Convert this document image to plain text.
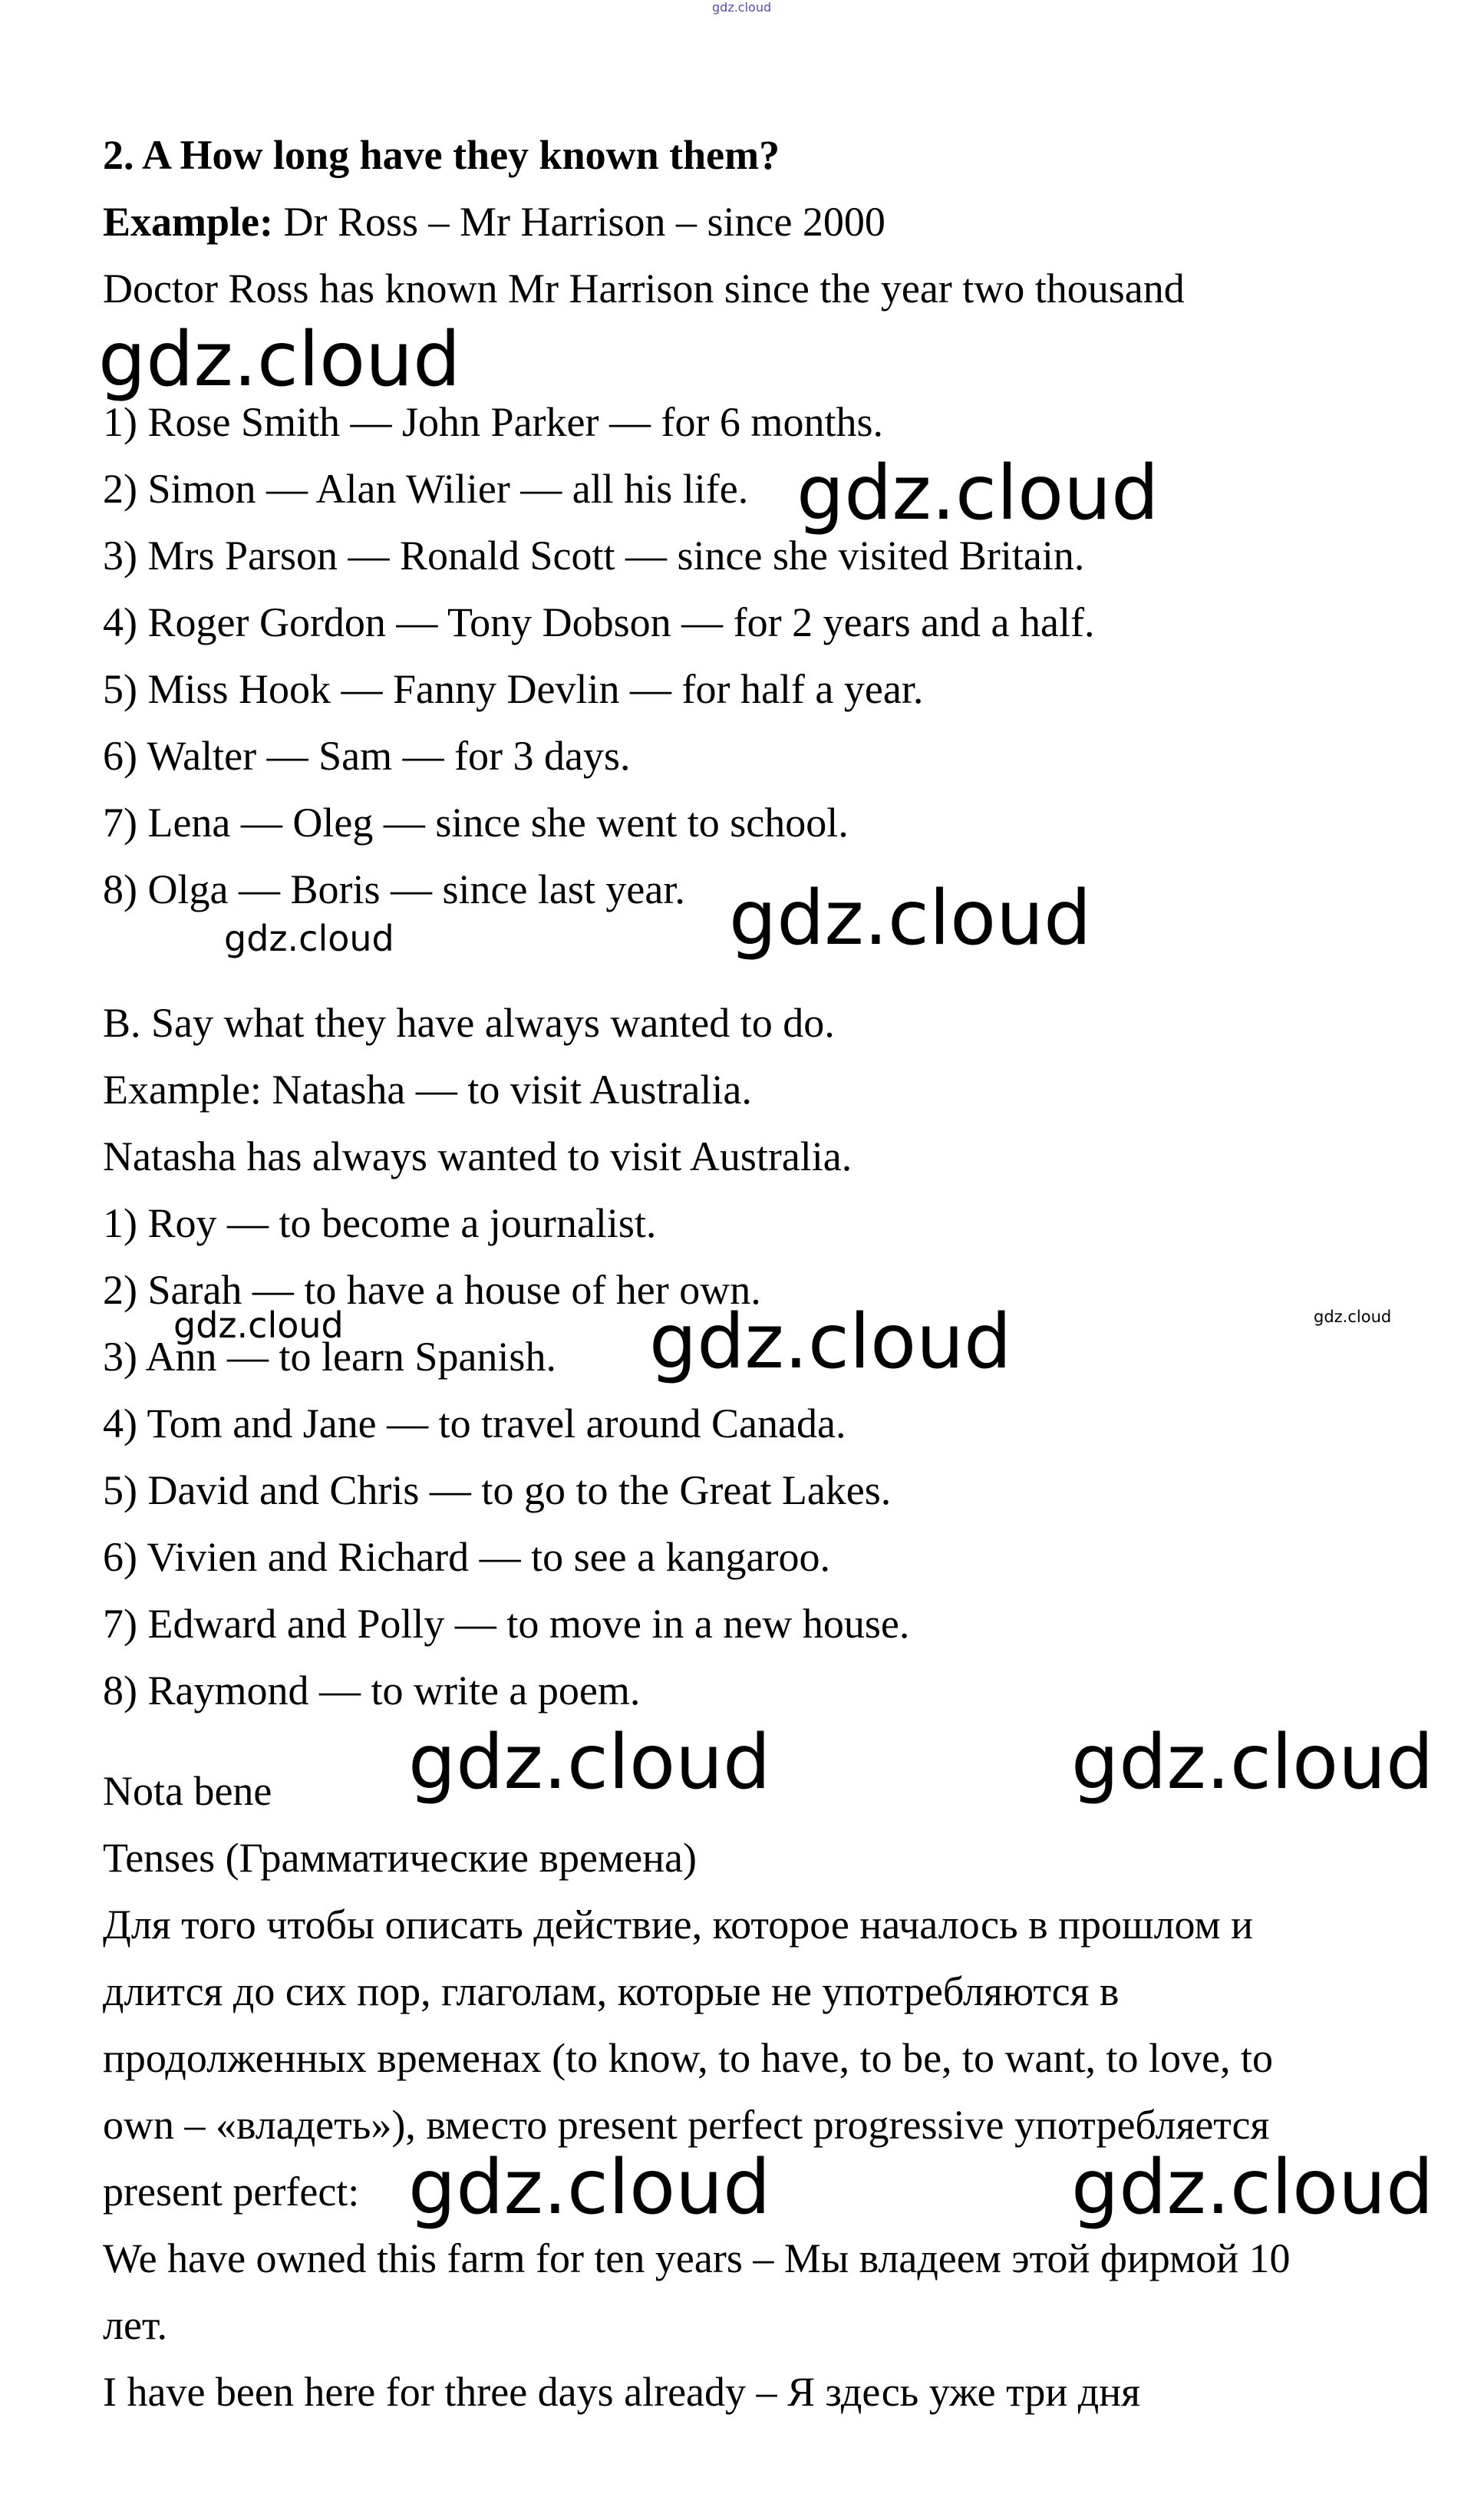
2. A How long have they known them?

Example: Dr Ross – Mr Harrison – since 2000

Doctor Ross has known Mr Harrison since the year two thousand

1) Rose Smith — John Parker — for 6 months.

2) Simon — Alan Wilier — all his life.

3) Mrs Parson — Ronald Scott — since she visited Britain.

4) Roger Gordon — Tony Dobson — for 2 years and a half.

5) Miss Hook — Fanny Devlin — for half a year.

6) Walter — Sam — for 3 days.

7) Lena — Oleg — since she went to school.

8) Olga — Boris — since last year.

B. Say what they have always wanted to do.

Example: Natasha — to visit Australia.

Natasha has always wanted to visit Australia.

1) Roy — to become a journalist.

2) Sarah — to have a house of her own.

3) Ann — to learn Spanish.

4) Tom and Jane — to travel around Canada.

5) David and Chris — to go to the Great Lakes.

6) Vivien and Richard — to see a kangaroo.

7) Edward and Polly — to move in a new house.

8) Raymond — to write a poem.

Nota bene

Tenses (Грамматические времена)

Для того чтобы описать действие, которое началось в прошлом и

длится до сих пор, глаголам, которые не употребляются в

продолженных временах (to know, to have, to be, to want, to love, to

own – «владеть»), вместо present perfect progressive употребляется

present perfect:

We have owned this farm for ten years – Мы владеем этой фирмой 10

лет.

I have been here for three days already – Я здесь уже три дня

gdz.cloud
gdz.cloud
gdz.cloud
gdz.cloud
gdz.cloud
gdz.cloud
gdz.cloud	gdz.cloud
gdz.cloud	gdz.cloud
gdz.cloud	gdz.cloud
